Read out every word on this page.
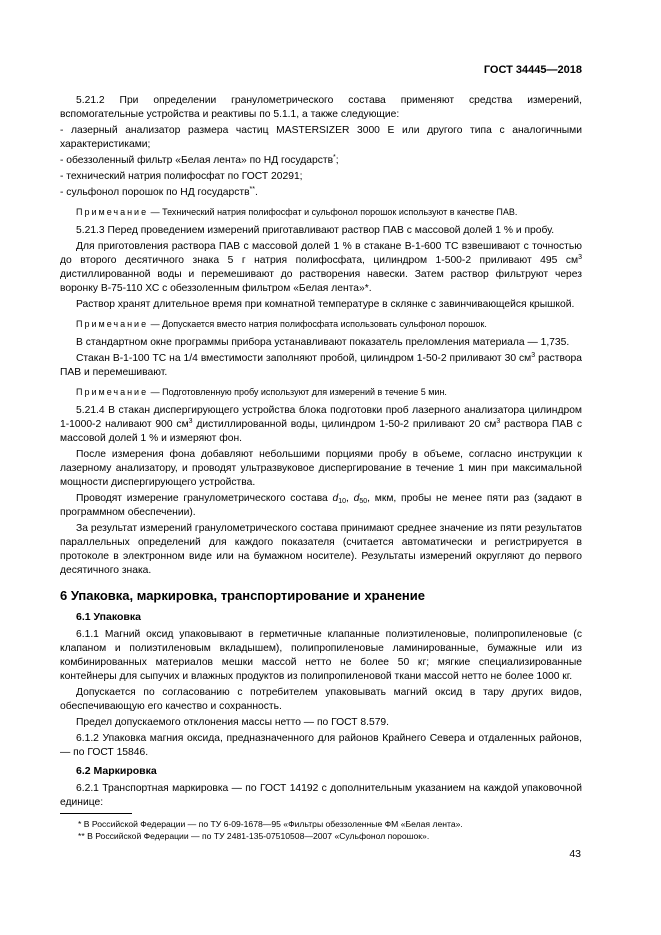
ГОСТ 34445—2018

5.21.2 При определении гранулометрического состава применяют средства измерений, вспомогательные устройства и реактивы по 5.1.1, а также следующие:

- лазерный анализатор размера частиц MASTERSIZER 3000 E или другого типа с аналогичными характеристиками;

- обеззоленный фильтр «Белая лента» по НД государств*;

- технический натрия полифосфат по ГОСТ 20291;

- сульфонол порошок по НД государств**.

Примечание — Технический натрия полифосфат и сульфонол порошок используют в качестве ПАВ.

5.21.3 Перед проведением измерений приготавливают раствор ПАВ с массовой долей 1 % и пробу.

Для приготовления раствора ПАВ с массовой долей 1 % в стакане В-1-600 ТС взвешивают с точностью до второго десятичного знака 5 г натрия полифосфата, цилиндром 1-500-2 приливают 495 $см^3$ дистиллированной воды и перемешивают до растворения навески. Затем раствор фильтруют через воронку В-75-110 ХС с обеззоленным фильтром «Белая лента»*.

Раствор хранят длительное время при комнатной температуре в склянке с завинчивающейся крышкой.

Примечание — Допускается вместо натрия полифосфата использовать сульфонол порошок.

В стандартном окне программы прибора устанавливают показатель преломления материала — 1,735.

Стакан В-1-100 ТС на 1/4 вместимости заполняют пробой, цилиндром 1-50-2 приливают 30 $см^3$ раствора ПАВ и перемешивают.

Примечание — Подготовленную пробу используют для измерений в течение 5 мин.

5.21.4 В стакан диспергирующего устройства блока подготовки проб лазерного анализатора цилиндром 1-1000-2 наливают 900 $см^3$ дистиллированной воды, цилиндром 1-50-2 приливают 20 $см^3$ раствора ПАВ с массовой долей 1 % и измеряют фон.

После измерения фона добавляют небольшими порциями пробу в объеме, согласно инструкции к лазерному анализатору, и проводят ультразвуковое диспергирование в течение 1 мин при максимальной мощности диспергирующего устройства.

Проводят измерение гранулометрического состава $d_{10}$, $d_{50}$, мкм, пробы не менее пяти раз (задают в программном обеспечении).

За результат измерений гранулометрического состава принимают среднее значение из пяти результатов параллельных определений для каждого показателя (считается автоматически и регистрируется в протоколе в электронном виде или на бумажном носителе). Результаты измерений округляют до первого десятичного знака.

6 Упаковка, маркировка, транспортирование и хранение
6.1 Упаковка

6.1.1 Магний оксид упаковывают в герметичные клапанные полиэтиленовые, полипропиленовые (с клапаном и полиэтиленовым вкладышем), полипропиленовые ламинированные, бумажные или из комбинированных материалов мешки массой нетто не более 50 кг; мягкие специализированные контейнеры для сыпучих и влажных продуктов из полипропиленовой ткани массой нетто не более 1000 кг.

Допускается по согласованию с потребителем упаковывать магний оксид в тару других видов, обеспечивающую его качество и сохранность.

Предел допускаемого отклонения массы нетто — по ГОСТ 8.579.

6.1.2 Упаковка магния оксида, предназначенного для районов Крайнего Севера и отдаленных районов, — по ГОСТ 15846.

6.2 Маркировка

6.2.1 Транспортная маркировка — по ГОСТ 14192 с дополнительным указанием на каждой упаковочной единице:

* В Российской Федерации — по ТУ 6-09-1678—95 «Фильтры обеззоленные ФМ «Белая лента».

** В Российской Федерации — по ТУ 2481-135-07510508—2007 «Сульфонол порошок».

43
